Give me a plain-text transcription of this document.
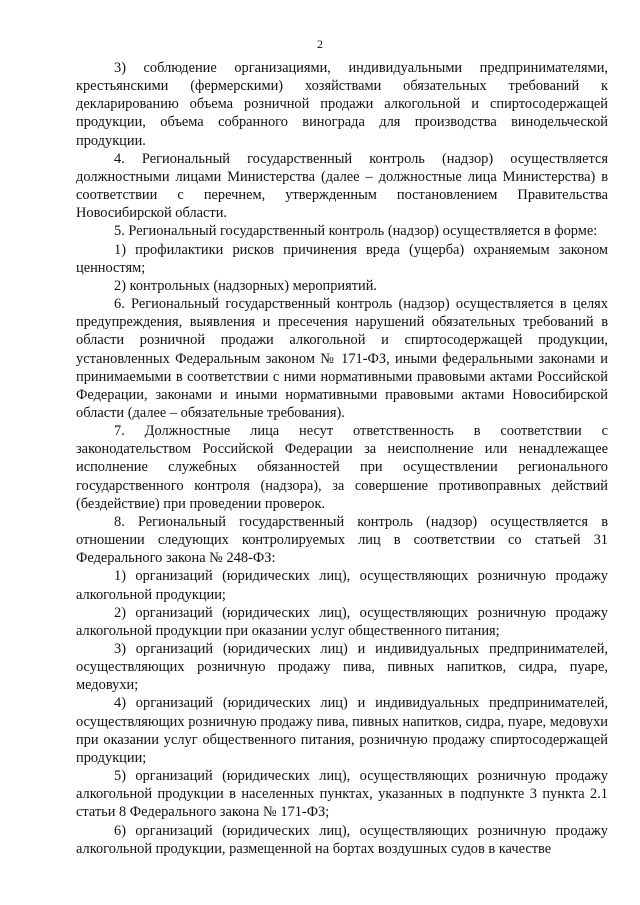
2

3) соблюдение организациями, индивидуальными предпринимателями, крестьянскими (фермерскими) хозяйствами обязательных требований к декларированию объема розничной продажи алкогольной и спиртосодержащей продукции, объема собранного винограда для производства винодельческой продукции.

4. Региональный государственный контроль (надзор) осуществляется должностными лицами Министерства (далее – должностные лица Министерства) в соответствии с перечнем, утвержденным постановлением Правительства Новосибирской области.

5. Региональный государственный контроль (надзор) осуществляется в форме:

1) профилактики рисков причинения вреда (ущерба) охраняемым законом ценностям;

2) контрольных (надзорных) мероприятий.

6. Региональный государственный контроль (надзор) осуществляется в целях предупреждения, выявления и пресечения нарушений обязательных требований в области розничной продажи алкогольной и спиртосодержащей продукции, установленных Федеральным законом № 171-ФЗ, иными федеральными законами и принимаемыми в соответствии с ними нормативными правовыми актами Российской Федерации, законами и иными нормативными правовыми актами Новосибирской области (далее – обязательные требования).

7. Должностные лица несут ответственность в соответствии с законодательством Российской Федерации за неисполнение или ненадлежащее исполнение служебных обязанностей при осуществлении регионального государственного контроля (надзора), за совершение противоправных действий (бездействие) при проведении проверок.

8. Региональный государственный контроль (надзор) осуществляется в отношении следующих контролируемых лиц в соответствии со статьей 31 Федерального закона № 248-ФЗ:

1) организаций (юридических лиц), осуществляющих розничную продажу алкогольной продукции;

2) организаций (юридических лиц), осуществляющих розничную продажу алкогольной продукции при оказании услуг общественного питания;

3) организаций (юридических лиц) и индивидуальных предпринимателей, осуществляющих розничную продажу пива, пивных напитков, сидра, пуаре, медовухи;

4) организаций (юридических лиц) и индивидуальных предпринимателей, осуществляющих розничную продажу пива, пивных напитков, сидра, пуаре, медовухи при оказании услуг общественного питания, розничную продажу спиртосодержащей продукции;

5) организаций (юридических лиц), осуществляющих розничную продажу алкогольной продукции в населенных пунктах, указанных в подпункте 3 пункта 2.1 статьи 8 Федерального закона № 171-ФЗ;

6) организаций (юридических лиц), осуществляющих розничную продажу алкогольной продукции, размещенной на бортах воздушных судов в качестве
